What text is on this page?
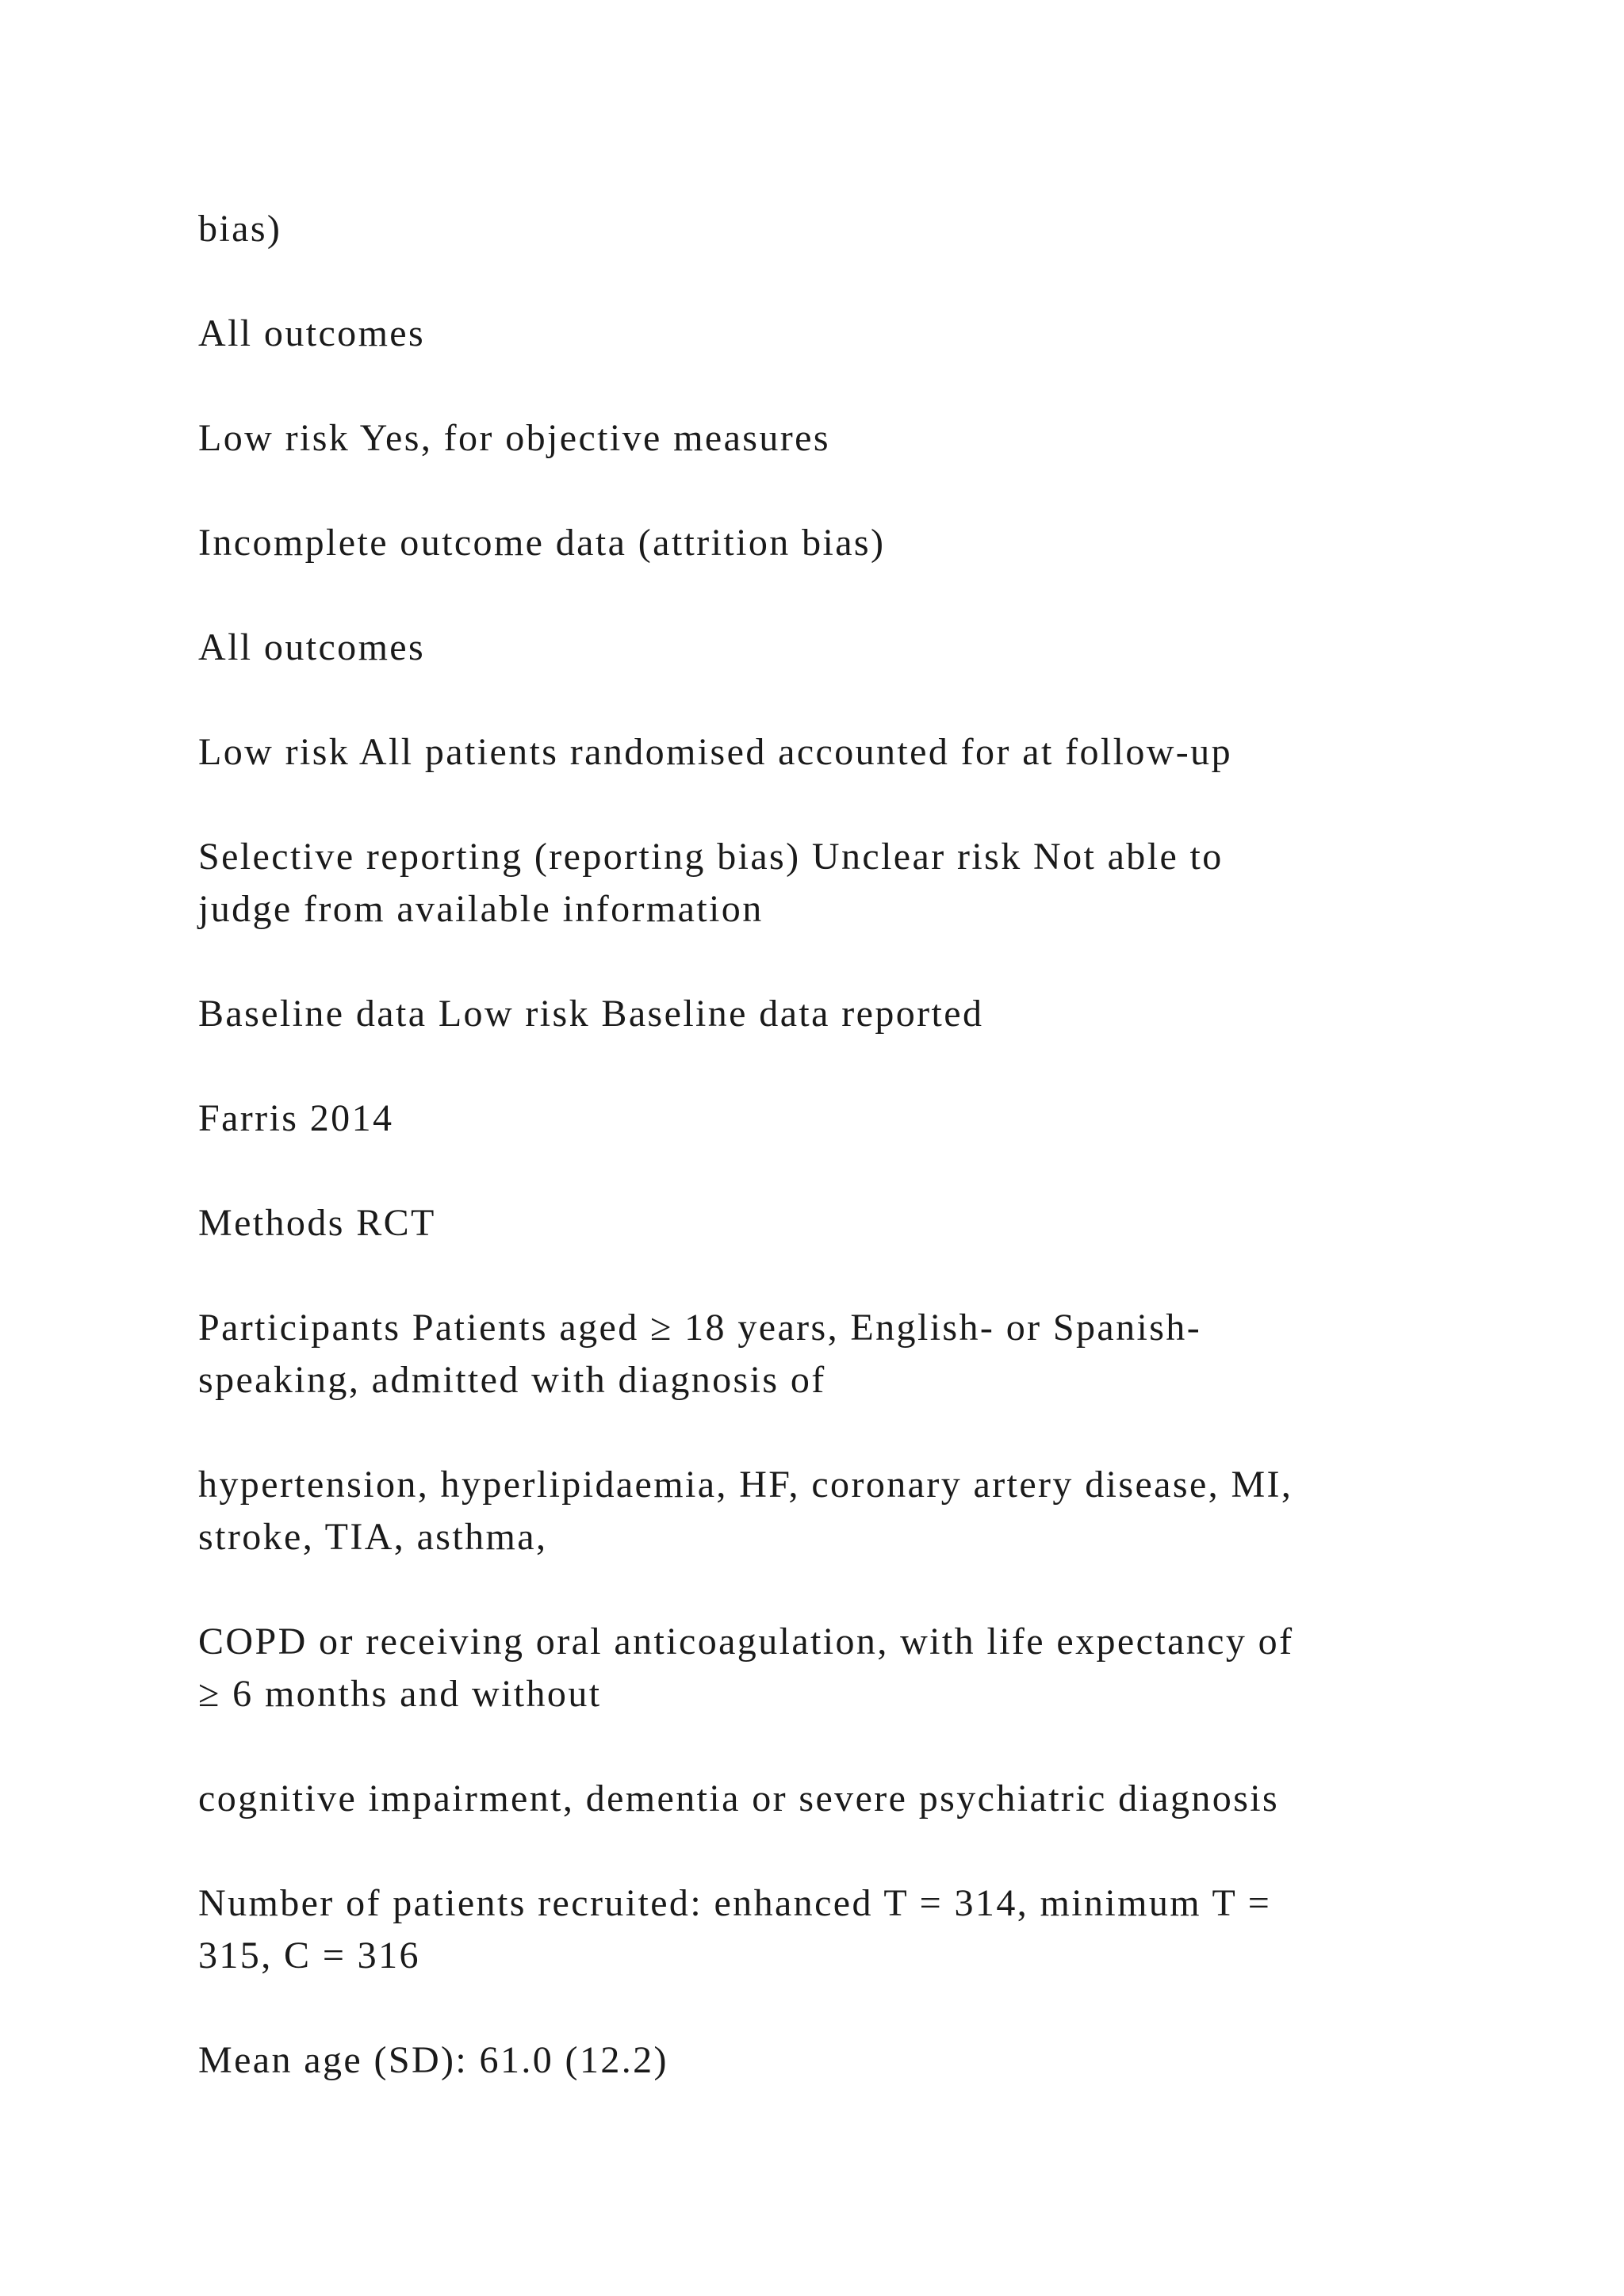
bias)
All outcomes
Low risk Yes, for objective measures
Incomplete outcome data (attrition bias)
All outcomes
Low risk All patients randomised accounted for at follow-up
Selective reporting (reporting bias) Unclear risk Not able to
judge from available information
Baseline data Low risk Baseline data reported
Farris 2014
Methods RCT
Participants Patients aged ≥ 18 years, English- or Spanish-
speaking, admitted with diagnosis of
hypertension, hyperlipidaemia, HF, coronary artery disease, MI,
stroke, TIA, asthma,
COPD or receiving oral anticoagulation, with life expectancy of
≥ 6 months and without
cognitive impairment, dementia or severe psychiatric diagnosis
Number of patients recruited: enhanced T = 314, minimum T =
315, C = 316
Mean age (SD): 61.0 (12.2)
